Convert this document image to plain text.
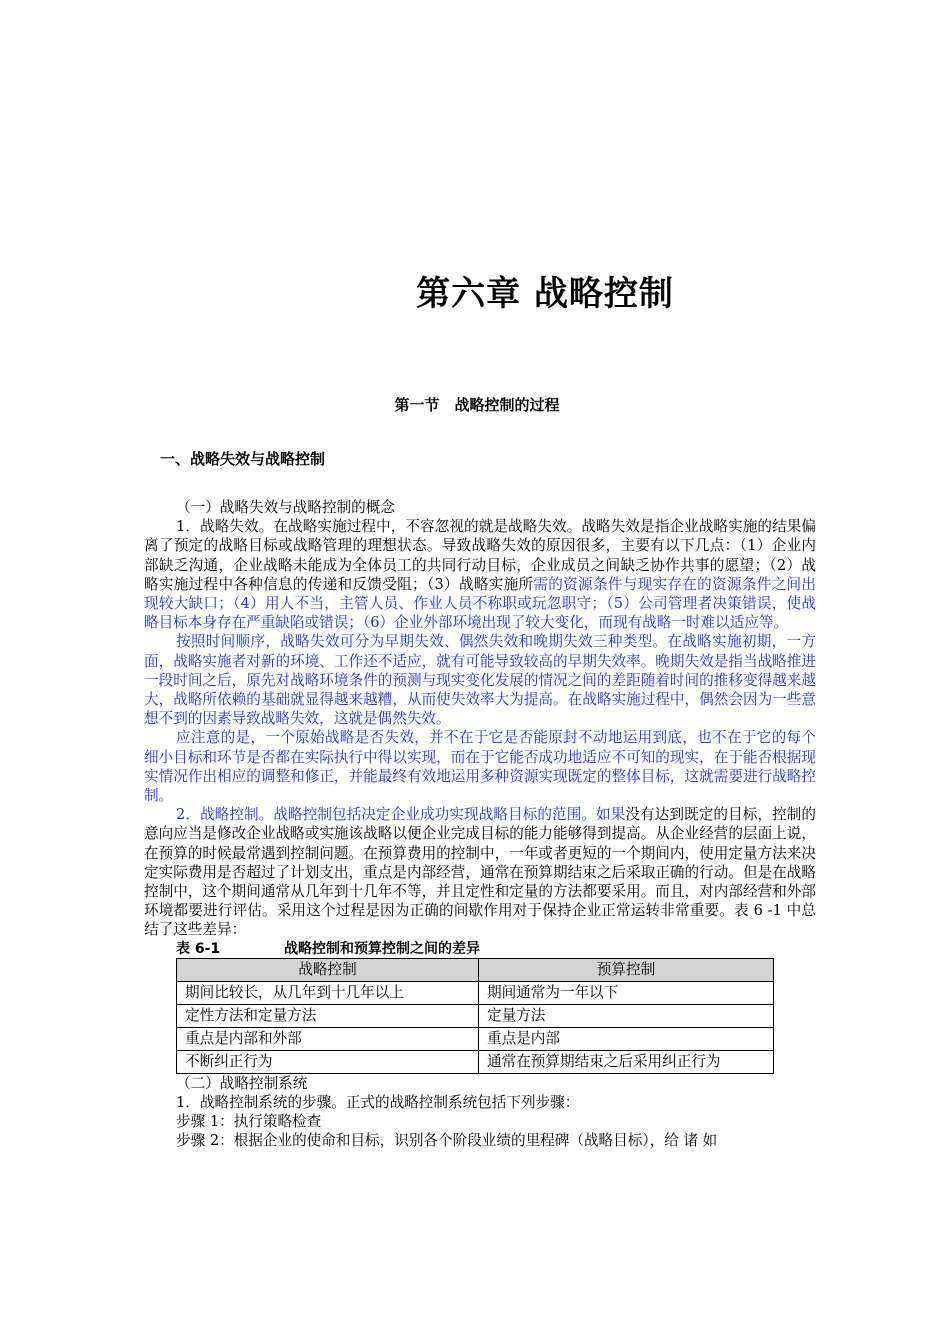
第六章 战略控制
第一节　战略控制的过程
一、战略失效与战略控制

（一）战略失效与战略控制的概念

1．战略失效。在战略实施过程中，不容忽视的就是战略失效。战略失效是指企业战略实施的结果偏离了预定的战略目标或战略管理的理想状态。导致战略失效的原因很多，主要有以下几点：（1）企业内部缺乏沟通，企业战略未能成为全体员工的共同行动目标，企业成员之间缺乏协作共事的愿望；（2）战略实施过程中各种信息的传递和反馈受阻；（3）战略实施所需的资源条件与现实存在的资源条件之间出现较大缺口；（4）用人不当，主管人员、作业人员不称职或玩忽职守；（5）公司管理者决策错误，使战略目标本身存在严重缺陷或错误；（6）企业外部环境出现了较大变化，而现有战略一时难以适应等。

按照时间顺序，战略失效可分为早期失效、偶然失效和晚期失效三种类型。在战略实施初期，一方面，战略实施者对新的环境、工作还不适应，就有可能导致较高的早期失效率。晚期失效是指当战略推进一段时间之后，原先对战略环境条件的预测与现实变化发展的情况之间的差距随着时间的推移变得越来越大，战略所依赖的基础就显得越来越糟，从而使失效率大为提高。在战略实施过程中，偶然会因为一些意想不到的因素导致战略失效，这就是偶然失效。

应注意的是，一个原始战略是否失效，并不在于它是否能原封不动地运用到底，也不在于它的每个细小目标和环节是否都在实际执行中得以实现，而在于它能否成功地适应不可知的现实，在于能否根据现实情况作出相应的调整和修正，并能最终有效地运用多种资源实现既定的整体目标，这就需要进行战略控制。

2．战略控制。战略控制包括决定企业成功实现战略目标的范围。如果没有达到既定的目标，控制的意向应当是修改企业战略或实施该战略以便企业完成目标的能力能够得到提高。从企业经营的层面上说，在预算的时候最常遇到控制问题。在预算费用的控制中，一年或者更短的一个期间内，使用定量方法来决定实际费用是否超过了计划支出，重点是内部经营，通常在预算期结束之后采取正确的行动。但是在战略控制中，这个期间通常从几年到十几年不等，并且定性和定量的方法都要采用。而且，对内部经营和外部环境都要进行评估。采用这个过程是因为正确的间歇作用对于保持企业正常运转非常重要。表 6 -1 中总结了这些差异：

表 6-1	战略控制和预算控制之间的差异
战略控制	预算控制
期间比较长，从几年到十几年以上	期间通常为一年以下
定性方法和定量方法	定量方法
重点是内部和外部	重点是内部
不断纠正行为	通常在预算期结束之后采用纠正行为

（二）战略控制系统

1．战略控制系统的步骤。正式的战略控制系统包括下列步骤：

步骤 1：执行策略检查

步骤 2：根据企业的使命和目标，识别各个阶段业绩的里程碑（战略目标），给 诸 如
